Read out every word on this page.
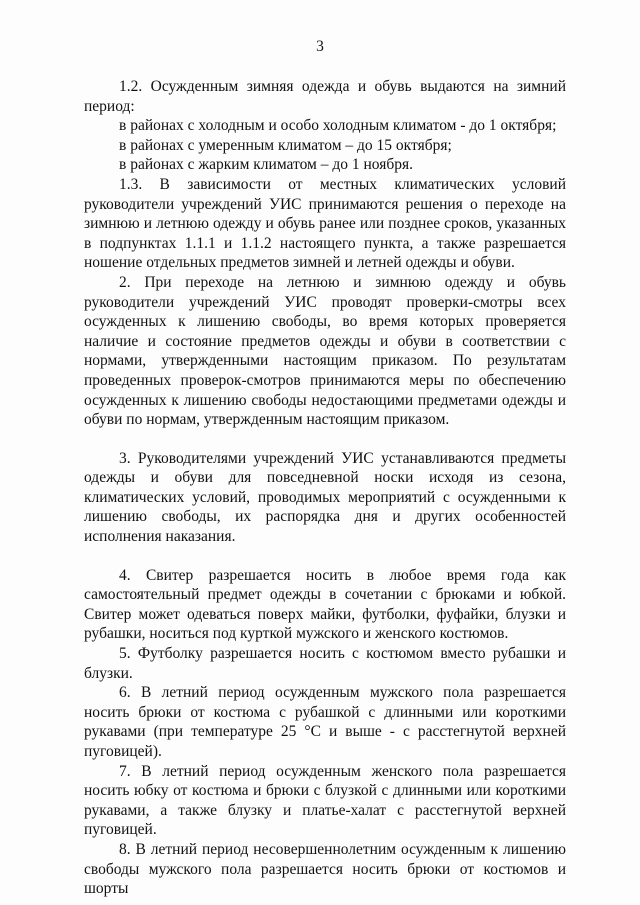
3

1.2. Осужденным зимняя одежда и обувь выдаются на зимний период:

в районах с холодным и особо холодным климатом - до 1 октября;

в районах с умеренным климатом – до 15 октября;

в районах с жарким климатом – до 1 ноября.

1.3. В зависимости от местных климатических условий руководители учреждений УИС принимаются решения о переходе на зимнюю и летнюю одежду и обувь ранее или позднее сроков, указанных в подпунктах 1.1.1 и 1.1.2 настоящего пункта, а также разрешается ношение отдельных предметов зимней и летней одежды и обуви.

2. При переходе на летнюю и зимнюю одежду и обувь руководители учреждений УИС проводят проверки-смотры всех осужденных к лишению свободы, во время которых проверяется наличие и состояние предметов одежды и обуви в соответствии с нормами, утвержденными настоящим приказом. По результатам проведенных проверок-смотров принимаются меры по обеспечению осужденных к лишению свободы недостающими предметами одежды и обуви по нормам, утвержденным настоящим приказом.

3. Руководителями учреждений УИС устанавливаются предметы одежды и обуви для повседневной носки исходя из сезона, климатических условий, проводимых мероприятий с осужденными к лишению свободы, их распорядка дня и других особенностей исполнения наказания.

4. Свитер разрешается носить в любое время года как самостоятельный предмет одежды в сочетании с брюками и юбкой. Свитер может одеваться поверх майки, футболки, фуфайки, блузки и рубашки, носиться под курткой мужского и женского костюмов.

5. Футболку разрешается носить с костюмом вместо рубашки и блузки.

6. В летний период осужденным мужского пола разрешается носить брюки от костюма с рубашкой с длинными или короткими рукавами (при температуре 25 °С и выше - с расстегнутой верхней пуговицей).

7. В летний период осужденным женского пола разрешается носить юбку от костюма и брюки с блузкой с длинными или короткими рукавами, а также блузку и платье-халат с расстегнутой верхней пуговицей.

8. В летний период несовершеннолетним осужденным к лишению свободы мужского пола разрешается носить брюки от костюмов и шорты
